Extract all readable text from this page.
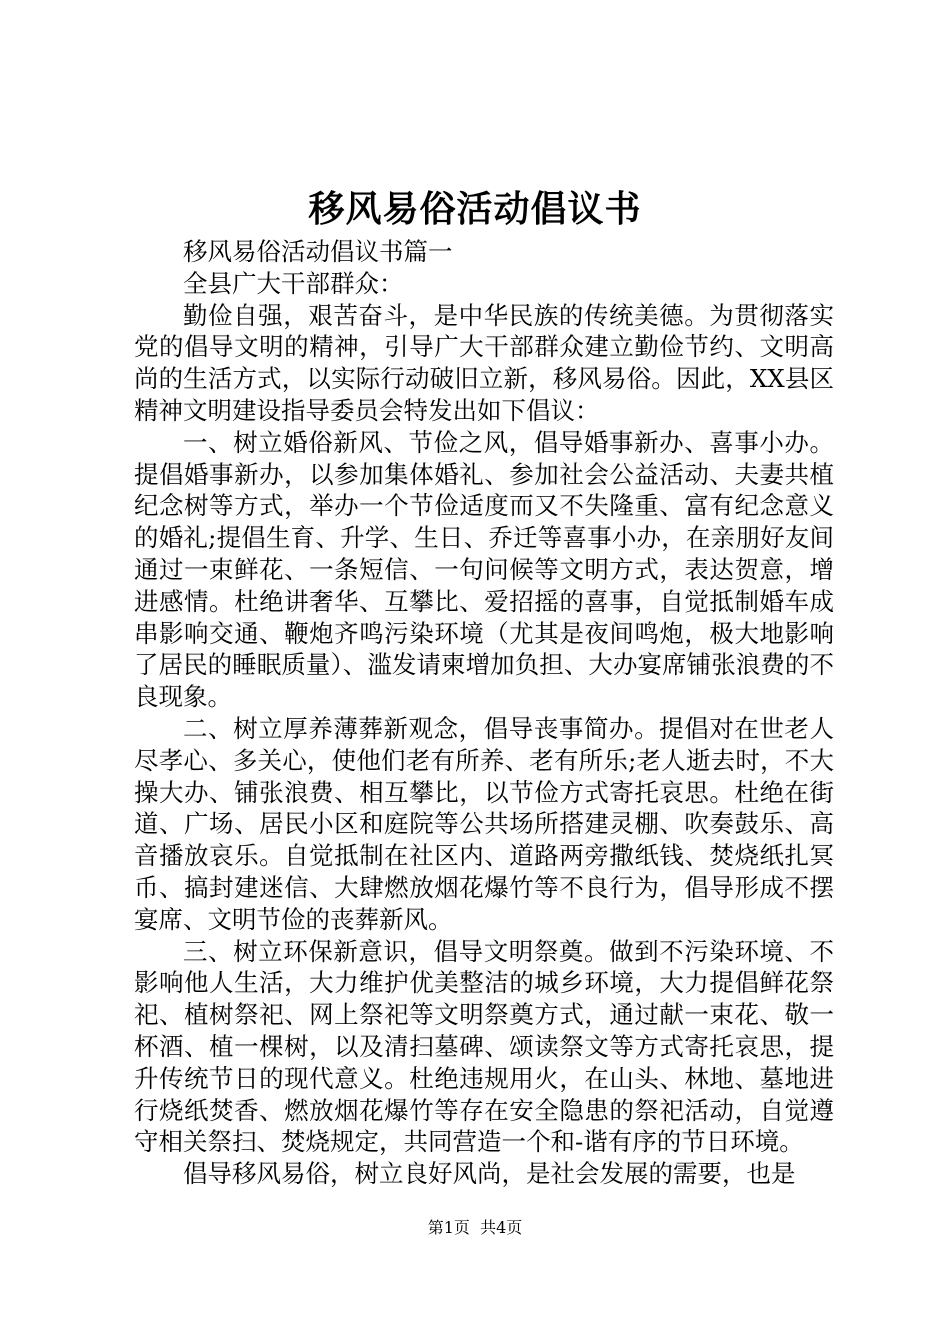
移风易俗活动倡议书

移风易俗活动倡议书篇一

全县广大干部群众：

勤俭自强，艰苦奋斗，是中华民族的传统美德。为贯彻落实党的倡导文明的精神，引导广大干部群众建立勤俭节约、文明高尚的生活方式，以实际行动破旧立新，移风易俗。因此，XX县区精神文明建设指导委员会特发出如下倡议：

一、树立婚俗新风、节俭之风，倡导婚事新办、喜事小办。提倡婚事新办，以参加集体婚礼、参加社会公益活动、夫妻共植纪念树等方式，举办一个节俭适度而又不失隆重、富有纪念意义的婚礼;提倡生育、升学、生日、乔迁等喜事小办，在亲朋好友间通过一束鲜花、一条短信、一句问候等文明方式，表达贺意，增进感情。杜绝讲奢华、互攀比、爱招摇的喜事，自觉抵制婚车成串影响交通、鞭炮齐鸣污染环境（尤其是夜间鸣炮，极大地影响了居民的睡眠质量）、滥发请柬增加负担、大办宴席铺张浪费的不良现象。

二、树立厚养薄葬新观念，倡导丧事简办。提倡对在世老人尽孝心、多关心，使他们老有所养、老有所乐;老人逝去时，不大操大办、铺张浪费、相互攀比，以节俭方式寄托哀思。杜绝在街道、广场、居民小区和庭院等公共场所搭建灵棚、吹奏鼓乐、高音播放哀乐。自觉抵制在社区内、道路两旁撒纸钱、焚烧纸扎冥币、搞封建迷信、大肆燃放烟花爆竹等不良行为，倡导形成不摆宴席、文明节俭的丧葬新风。

三、树立环保新意识，倡导文明祭奠。做到不污染环境、不影响他人生活，大力维护优美整洁的城乡环境，大力提倡鲜花祭祀、植树祭祀、网上祭祀等文明祭奠方式，通过献一束花、敬一杯酒、植一棵树，以及清扫墓碑、颂读祭文等方式寄托哀思，提升传统节日的现代意义。杜绝违规用火，在山头、林地、墓地进行烧纸焚香、燃放烟花爆竹等存在安全隐患的祭祀活动，自觉遵守相关祭扫、焚烧规定，共同营造一个和-谐有序的节日环境。

倡导移风易俗，树立良好风尚，是社会发展的需要，也是

第1页  共4页
